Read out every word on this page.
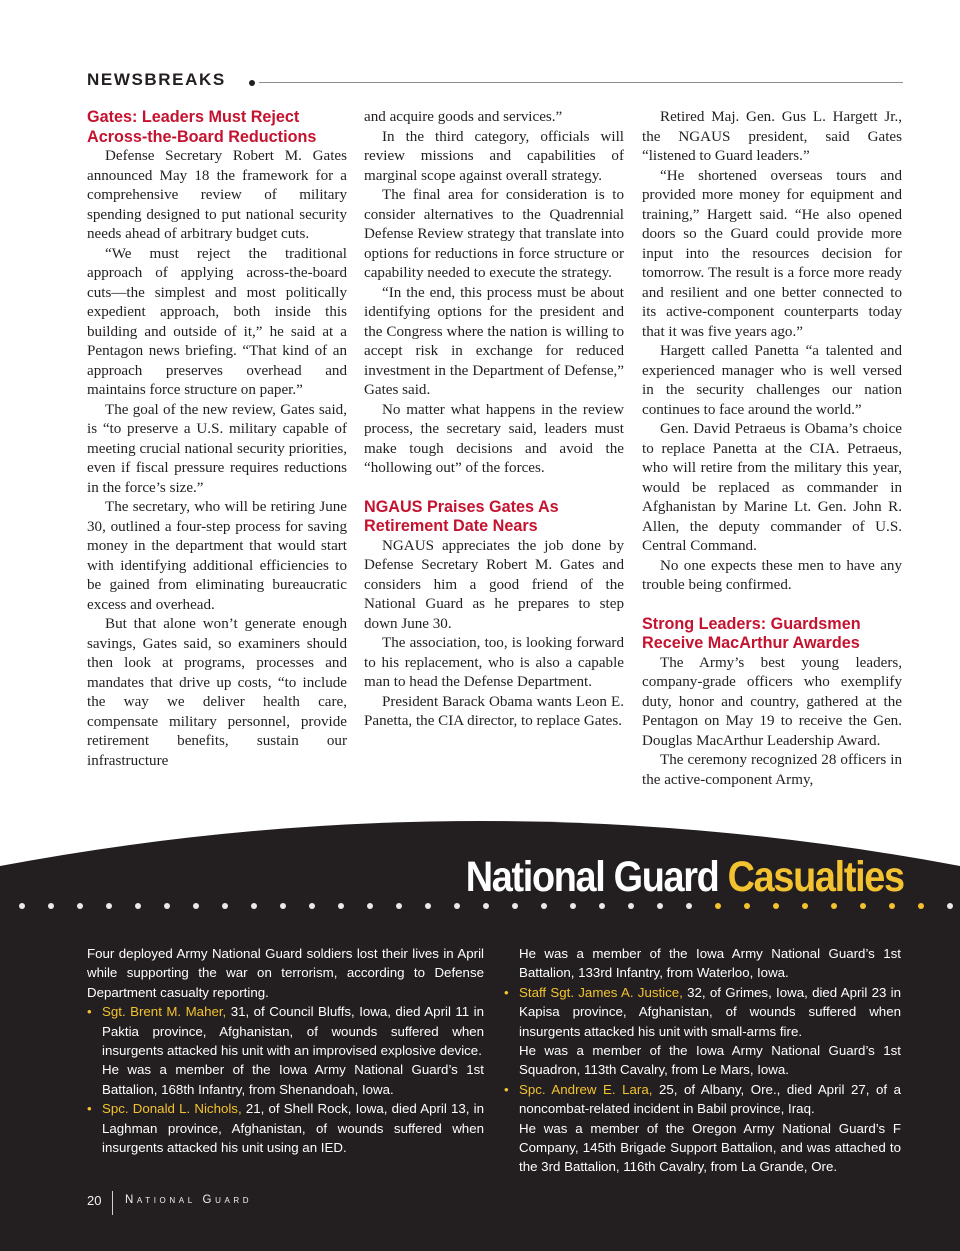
NEWSBREAKS
Gates: Leaders Must Reject Across-the-Board Reductions

Defense Secretary Robert M. Gates announced May 18 the framework for a comprehensive review of military spending designed to put national security needs ahead of arbitrary budget cuts.

“We must reject the traditional approach of applying across-the-board cuts—the simplest and most politically expedient approach, both inside this building and outside of it,” he said at a Pentagon news briefing. “That kind of an approach preserves overhead and maintains force structure on paper.”

The goal of the new review, Gates said, is “to preserve a U.S. military capable of meeting crucial national security priorities, even if fiscal pressure requires reductions in the force’s size.”

The secretary, who will be retiring June 30, outlined a four-step process for saving money in the department that would start with identifying additional efficiencies to be gained from eliminating bureaucratic excess and overhead.

But that alone won’t generate enough savings, Gates said, so examiners should then look at programs, processes and mandates that drive up costs, “to include the way we deliver health care, compensate military personnel, provide retirement benefits, sustain our infrastructure

and acquire goods and services.”

In the third category, officials will review missions and capabilities of marginal scope against overall strategy.

The final area for consideration is to consider alternatives to the Quadrennial Defense Review strategy that translate into options for reductions in force structure or capability needed to execute the strategy.

“In the end, this process must be about identifying options for the president and the Congress where the nation is willing to accept risk in exchange for reduced investment in the Department of Defense,” Gates said.

No matter what happens in the review process, the secretary said, leaders must make tough decisions and avoid the “hollowing out” of the forces.

NGAUS Praises Gates As Retirement Date Nears

NGAUS appreciates the job done by Defense Secretary Robert M. Gates and considers him a good friend of the National Guard as he prepares to step down June 30.

The association, too, is looking forward to his replacement, who is also a capable man to head the Defense Department.

President Barack Obama wants Leon E. Panetta, the CIA director, to replace Gates.

Retired Maj. Gen. Gus L. Hargett Jr., the NGAUS president, said Gates “listened to Guard leaders.”

“He shortened overseas tours and provided more money for equipment and training,” Hargett said. “He also opened doors so the Guard could provide more input into the resources decision for tomorrow. The result is a force more ready and resilient and one better connected to its active-component counterparts today that it was five years ago.”

Hargett called Panetta “a talented and experienced manager who is well versed in the security challenges our nation continues to face around the world.”

Gen. David Petraeus is Obama’s choice to replace Panetta at the CIA. Petraeus, who will retire from the military this year, would be replaced as commander in Afghanistan by Marine Lt. Gen. John R. Allen, the deputy commander of U.S. Central Command.

No one expects these men to have any trouble being confirmed.

Strong Leaders: Guardsmen Receive MacArthur Awardes

The Army’s best young leaders, company-grade officers who exemplify duty, honor and country, gathered at the Pentagon on May 19 to receive the Gen. Douglas MacArthur Leadership Award.

The ceremony recognized 28 officers in the active-component Army,

National Guard Casualties

Four deployed Army National Guard soldiers lost their lives in April while supporting the war on terrorism, according to Defense Department casualty reporting.

• Sgt. Brent M. Maher, 31, of Council Bluffs, Iowa, died April 11 in Paktia province, Afghanistan, of wounds suffered when insurgents attacked his unit with an improvised explosive device.

He was a member of the Iowa Army National Guard’s 1st Battalion, 168th Infantry, from Shenandoah, Iowa.

• Spc. Donald L. Nichols, 21, of Shell Rock, Iowa, died April 13, in Laghman province, Afghanistan, of wounds suffered when insurgents attacked his unit using an IED.

He was a member of the Iowa Army National Guard’s 1st Battalion, 133rd Infantry, from Waterloo, Iowa.

• Staff Sgt. James A. Justice, 32, of Grimes, Iowa, died April 23 in Kapisa province, Afghanistan, of wounds suffered when insurgents attacked his unit with small-arms fire.

He was a member of the Iowa Army National Guard’s 1st Squadron, 113th Cavalry, from Le Mars, Iowa.

• Spc. Andrew E. Lara, 25, of Albany, Ore., died April 27, of a noncombat-related incident in Babil province, Iraq.

He was a member of the Oregon Army National Guard’s F Company, 145th Brigade Support Battalion, and was attached to the 3rd Battalion, 116th Cavalry, from La Grande, Ore.

20 National Guard
